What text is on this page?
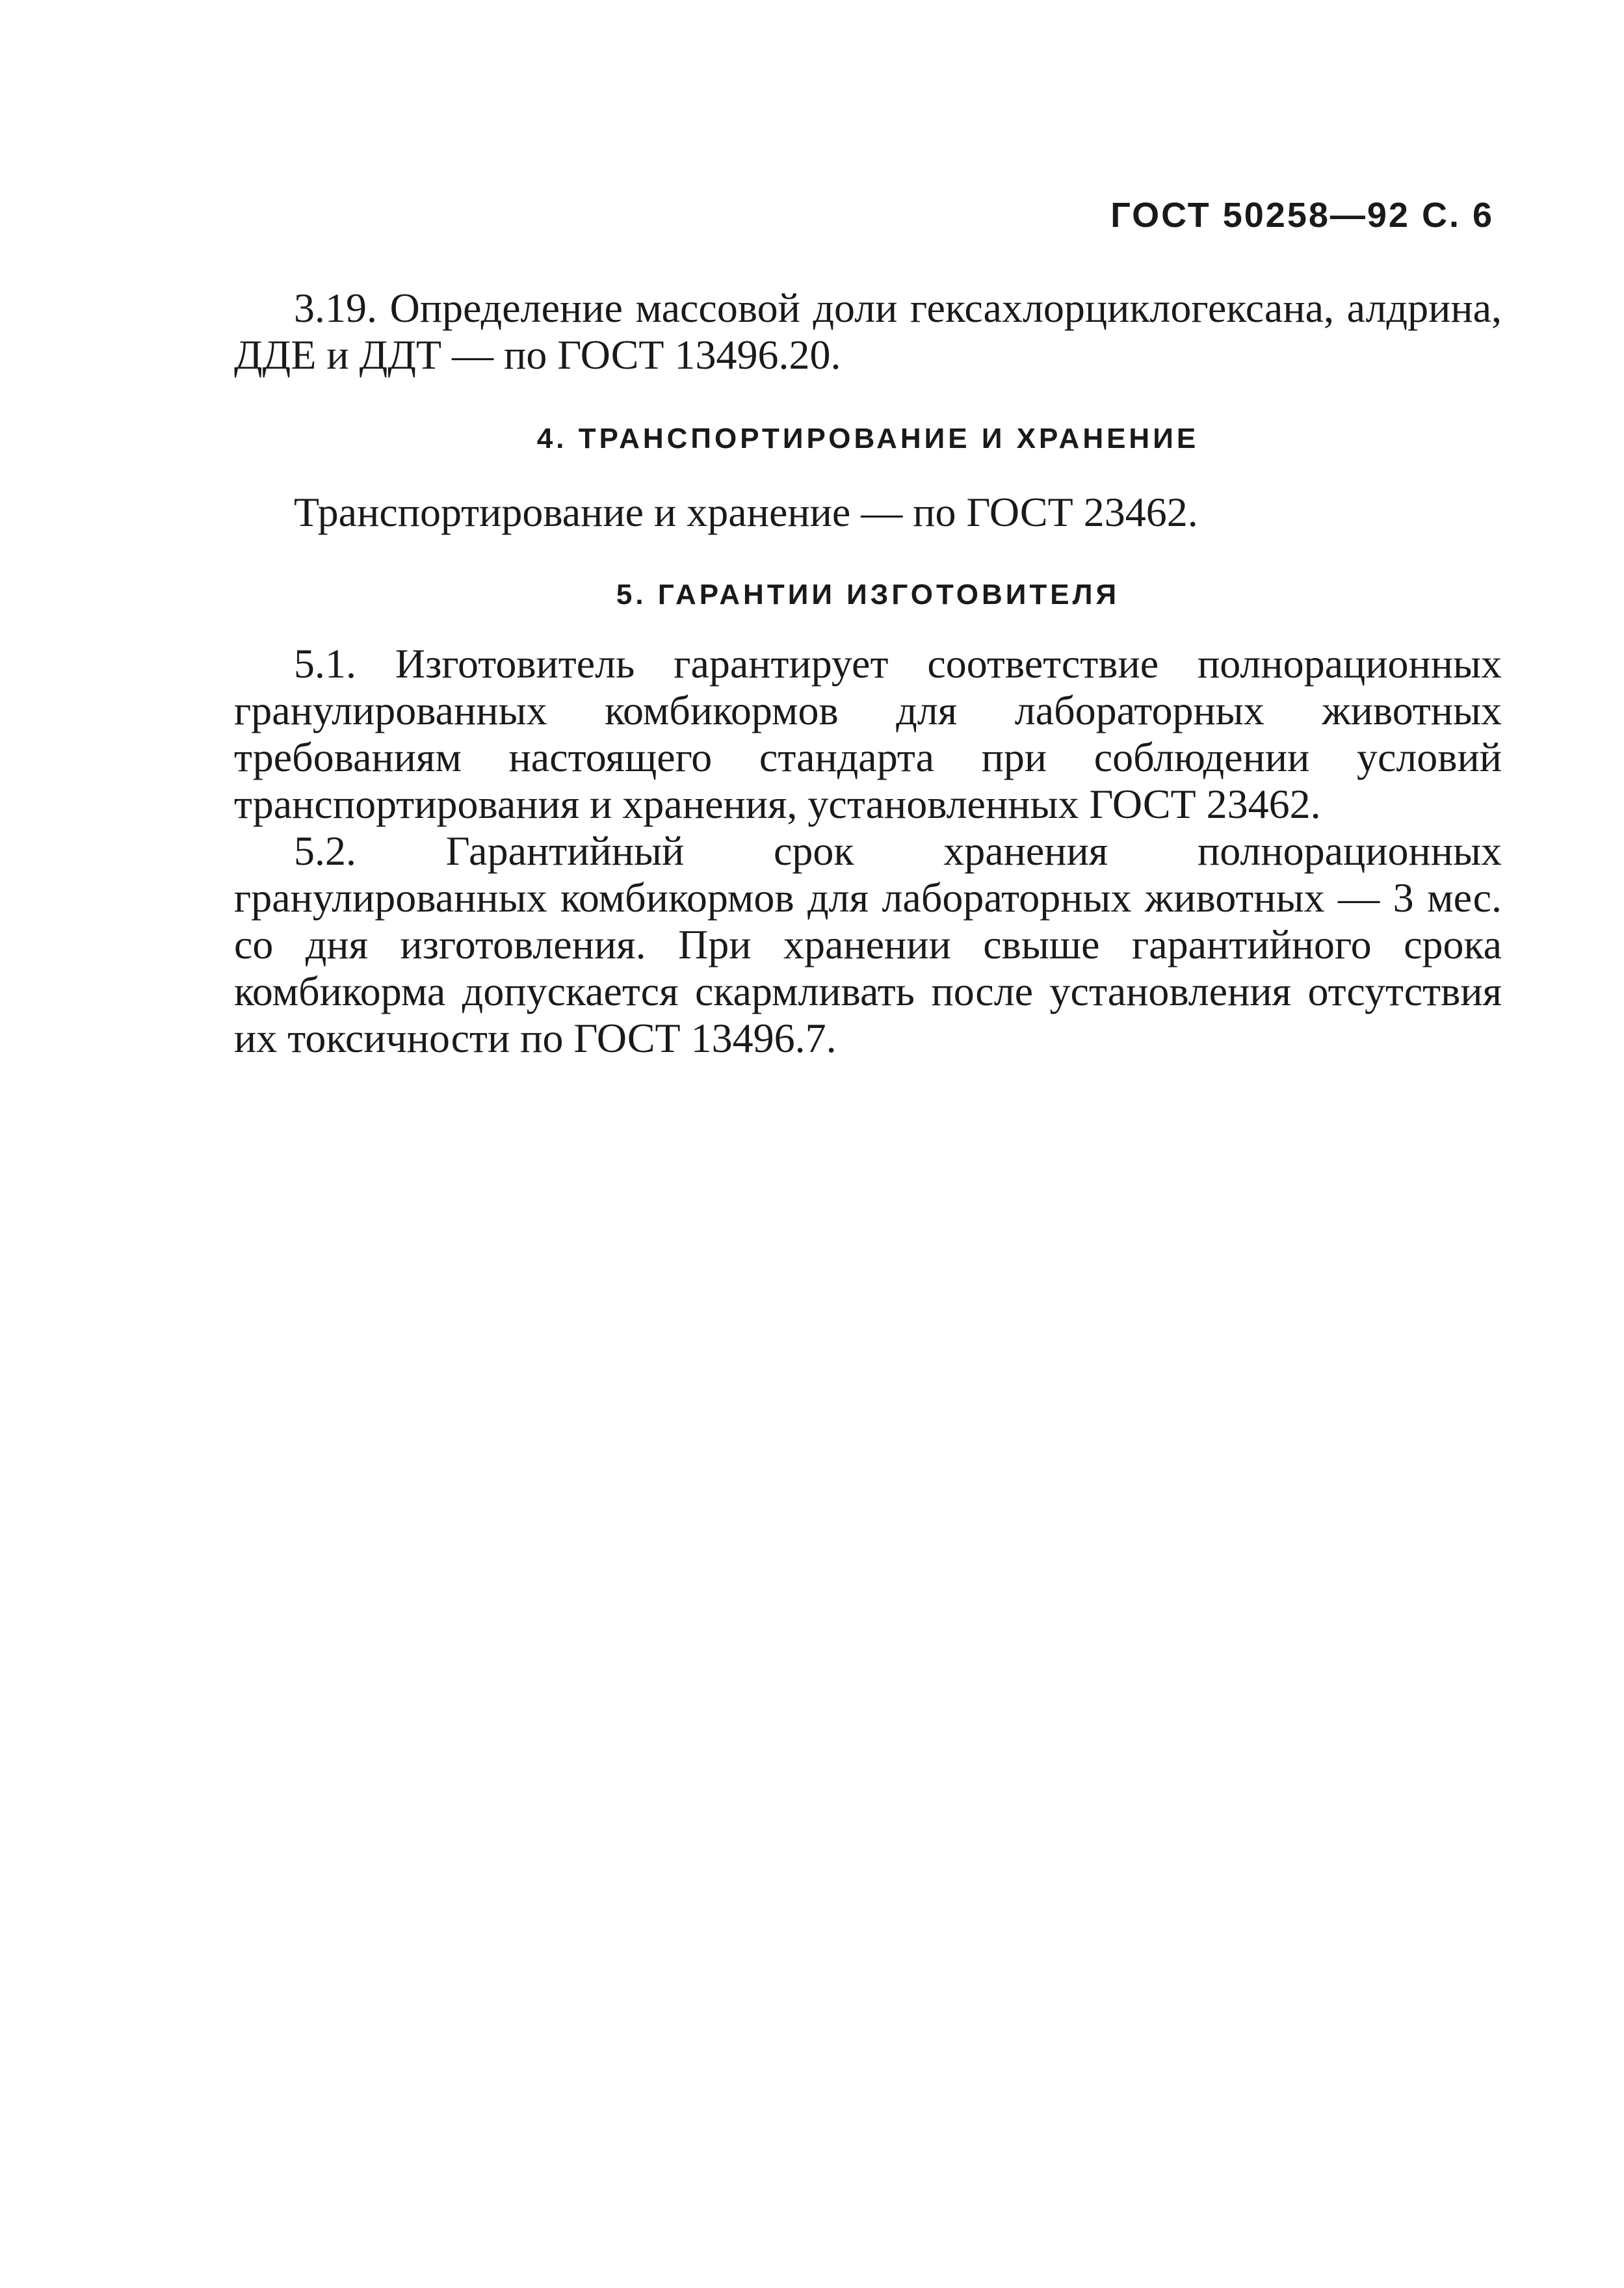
ГОСТ 50258—92 С. 6

3.19. Определение массовой доли гексахлорциклогексана, алдрина, ДДЕ и ДДТ — по ГОСТ 13496.20.

4. ТРАНСПОРТИРОВАНИЕ И ХРАНЕНИЕ

Транспортирование и хранение — по ГОСТ 23462.

5. ГАРАНТИИ ИЗГОТОВИТЕЛЯ

5.1. Изготовитель гарантирует соответствие полнорационных гранулированных комбикормов для лабораторных животных требованиям настоящего стандарта при соблюдении условий транспортирования и хранения, установленных ГОСТ 23462.

5.2. Гарантийный срок хранения полнорационных гранулированных комбикормов для лабораторных животных — 3 мес. со дня изготовления. При хранении свыше гарантийного срока комбикорма допускается скармливать после установления отсутствия их токсичности по ГОСТ 13496.7.
